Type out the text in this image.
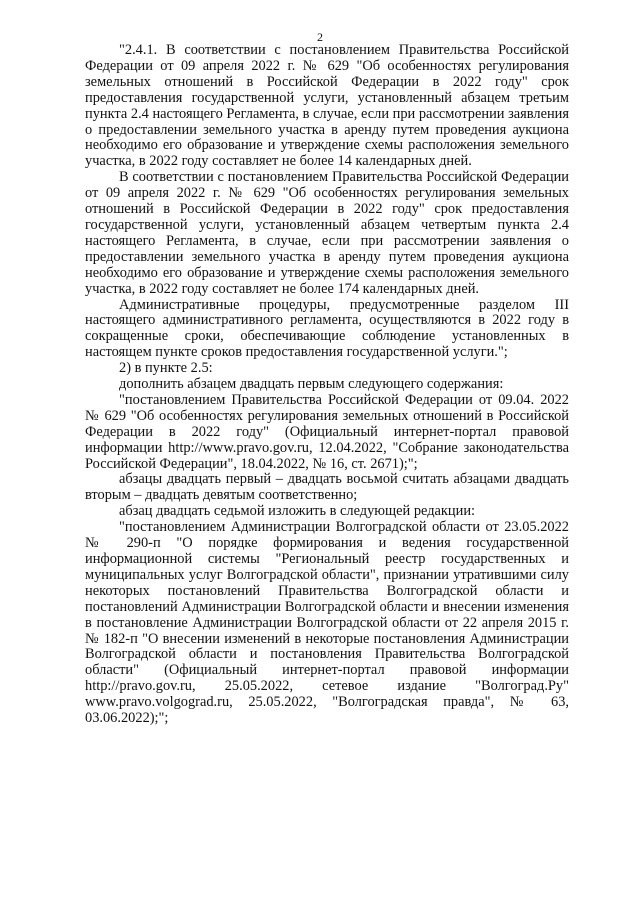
2

"2.4.1. В соответствии с постановлением Правительства Российской Федерации от 09 апреля 2022 г. № 629 "Об особенностях регулирования земельных отношений в Российской Федерации в 2022 году" срок предоставления государственной услуги, установленный абзацем третьим пункта 2.4 настоящего Регламента, в случае, если при рассмотрении заявления о предоставлении земельного участка в аренду путем проведения аукциона необходимо его образование и утверждение схемы расположения земельного участка, в 2022 году составляет не более 14 календарных дней.

В соответствии с постановлением Правительства Российской Федерации от 09 апреля 2022 г. № 629 "Об особенностях регулирования земельных отношений в Российской Федерации в 2022 году" срок предоставления государственной услуги, установленный абзацем четвертым пункта 2.4 настоящего Регламента, в случае, если при рассмотрении заявления о предоставлении земельного участка в аренду путем проведения аукциона необходимо его образование и утверждение схемы расположения земельного участка, в 2022 году составляет не более 174 календарных дней.

Административные процедуры, предусмотренные разделом III настоящего административного регламента, осуществляются в 2022 году в сокращенные сроки, обеспечивающие соблюдение установленных в настоящем пункте сроков предоставления государственной услуги.";

2) в пункте 2.5:

дополнить абзацем двадцать первым следующего содержания:

"постановлением Правительства Российской Федерации от 09.04. 2022 № 629 "Об особенностях регулирования земельных отношений в Российской Федерации в 2022 году" (Официальный интернет-портал правовой информации http://www.pravo.gov.ru, 12.04.2022, "Собрание законодательства Российской Федерации", 18.04.2022, № 16, ст. 2671);";

абзацы двадцать первый – двадцать восьмой считать абзацами двадцать вторым – двадцать девятым соответственно;

абзац двадцать седьмой изложить в следующей редакции:

"постановлением Администрации Волгоградской области от 23.05.2022 № 290-п "О порядке формирования и ведения государственной информационной системы "Региональный реестр государственных и муниципальных услуг Волгоградской области", признании утратившими силу некоторых постановлений Правительства Волгоградской области и постановлений Администрации Волгоградской области и внесении изменения в постановление Администрации Волгоградской области от 22 апреля 2015 г. № 182-п "О внесении изменений в некоторые постановления Администрации Волгоградской области и постановления Правительства Волгоградской области" (Официальный интернет-портал правовой информации http://pravo.gov.ru, 25.05.2022, сетевое издание "Волгоград.Ру" www.pravo.volgograd.ru, 25.05.2022, "Волгоградская правда", № 63, 03.06.2022);";
